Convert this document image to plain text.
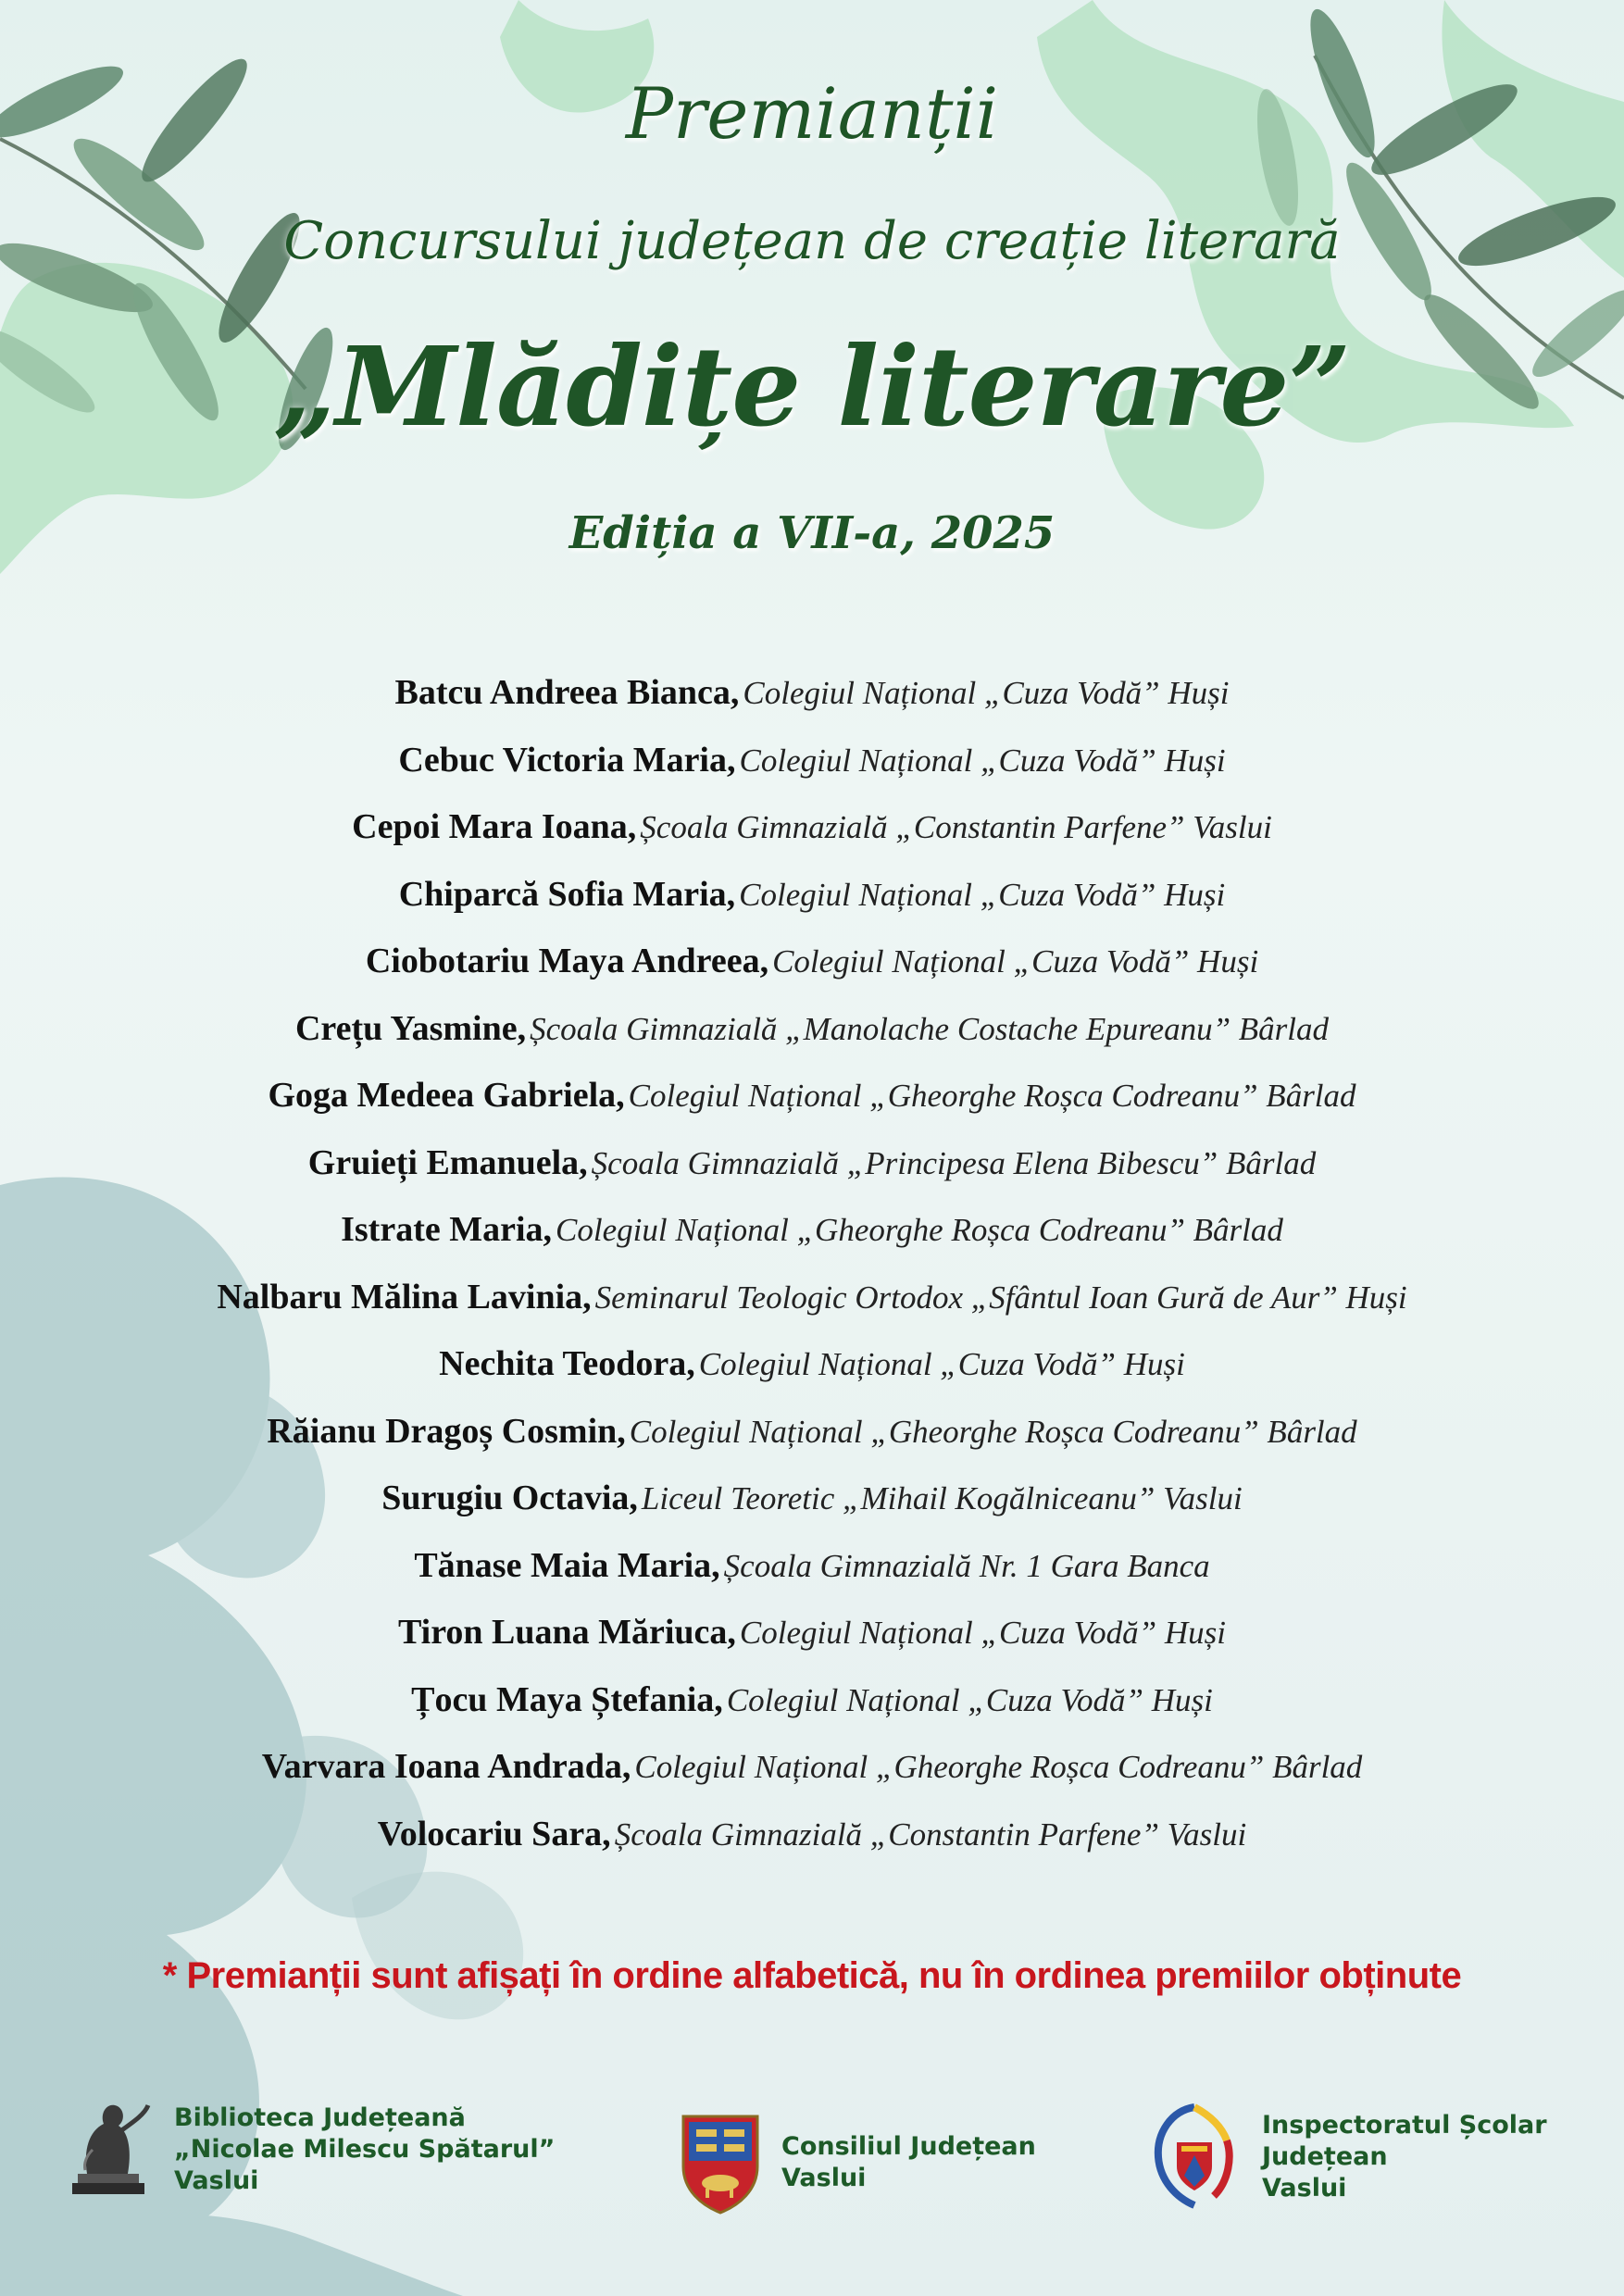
Premianții
Concursului județean de creație literară
„Mlădițe literare”
Ediția a VII-a, 2025
Batcu Andreea Bianca, Colegiul Național „Cuza Vodă” Huși
Cebuc Victoria Maria, Colegiul Național „Cuza Vodă” Huși
Cepoi Mara Ioana, Școala Gimnazială „Constantin Parfene” Vaslui
Chiparcă Sofia Maria, Colegiul Național „Cuza Vodă” Huși
Ciobotariu Maya Andreea, Colegiul Național „Cuza Vodă” Huși
Crețu Yasmine, Școala Gimnazială „Manolache Costache Epureanu” Bârlad
Goga Medeea Gabriela, Colegiul Național „Gheorghe Roșca Codreanu” Bârlad
Gruieți Emanuela, Școala Gimnazială „Principesa Elena Bibescu” Bârlad
Istrate Maria, Colegiul Național „Gheorghe Roșca Codreanu” Bârlad
Nalbaru Mălina Lavinia, Seminarul Teologic Ortodox „Sfântul Ioan Gură de Aur” Huși
Nechita Teodora, Colegiul Național „Cuza Vodă” Huși
Răianu Dragoș Cosmin, Colegiul Național „Gheorghe Roșca Codreanu” Bârlad
Surugiu Octavia, Liceul Teoretic „Mihail Kogălniceanu” Vaslui
Tănase Maia Maria, Școala Gimnazială Nr. 1 Gara Banca
Tiron Luana Măriuca, Colegiul Național „Cuza Vodă” Huși
Țocu Maya Ștefania, Colegiul Național „Cuza Vodă” Huși
Varvara Ioana Andrada, Colegiul Național „Gheorghe Roșca Codreanu” Bârlad
Volocariu Sara, Școala Gimnazială „Constantin Parfene” Vaslui
* Premianții sunt afișați în ordine alfabetică, nu în ordinea premiilor obținute
Biblioteca Județeană
„Nicolae Milescu Spătarul”
Vaslui
Consiliul Județean
Vaslui
Inspectoratul Școlar
Județean
Vaslui
